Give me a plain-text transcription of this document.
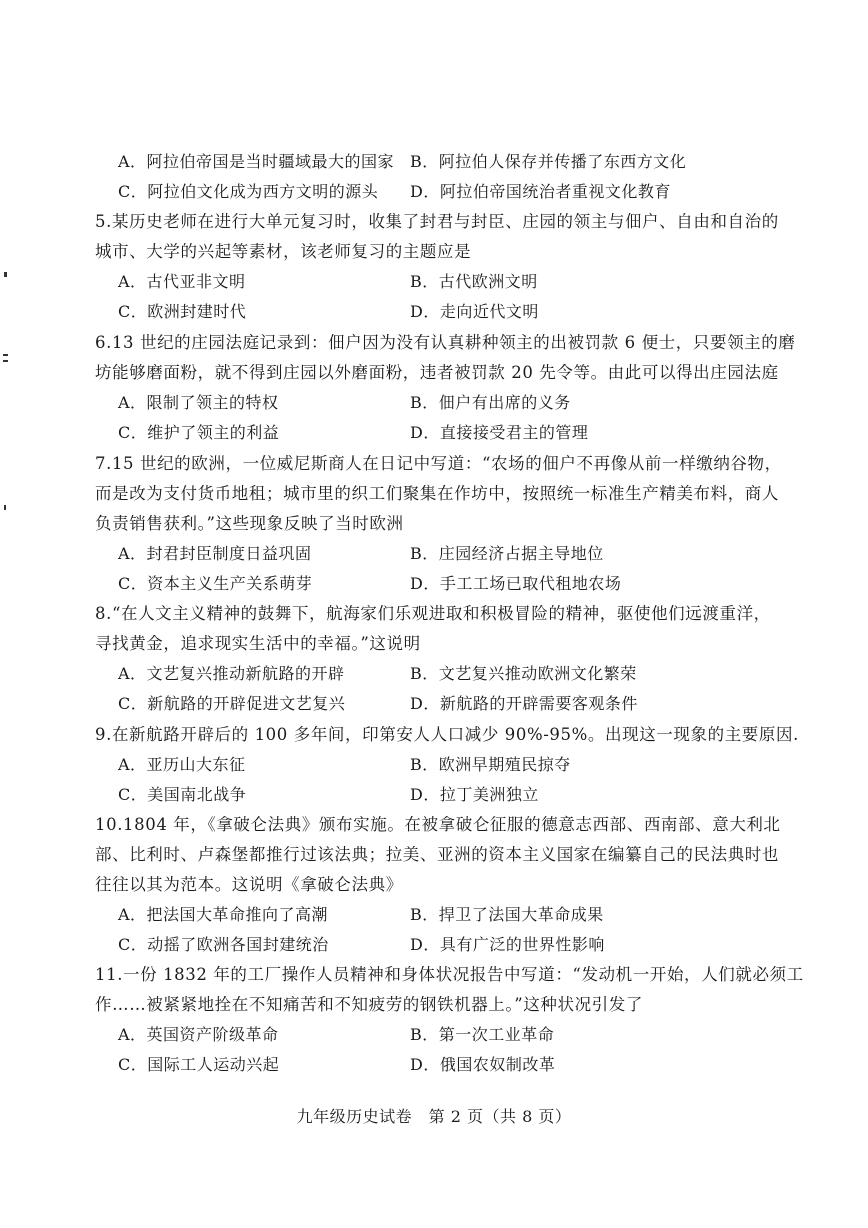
A．阿拉伯帝国是当时疆域最大的国家 B．阿拉伯人保存并传播了东西方文化
C．阿拉伯文化成为西方文明的源头 D．阿拉伯帝国统治者重视文化教育
5.某历史老师在进行大单元复习时，收集了封君与封臣、庄园的领主与佃户、自由和自治的
城市、大学的兴起等素材，该老师复习的主题应是
A．古代亚非文明	B．古代欧洲文明
C．欧洲封建时代	D．走向近代文明
6.13 世纪的庄园法庭记录到：佃户因为没有认真耕种领主的出被罚款 6 便士，只要领主的磨
坊能够磨面粉，就不得到庄园以外磨面粉，违者被罚款 20 先令等。由此可以得出庄园法庭
A．限制了领主的特权	B．佃户有出席的义务
C．维护了领主的利益	D．直接接受君主的管理
7.15 世纪的欧洲，一位威尼斯商人在日记中写道：“农场的佃户不再像从前一样缴纳谷物，
而是改为支付货币地租；城市里的织工们聚集在作坊中，按照统一标准生产精美布料，商人
负责销售获利。”这些现象反映了当时欧洲
A．封君封臣制度日益巩固	B．庄园经济占据主导地位
C．资本主义生产关系萌芽	D．手工工场已取代租地农场
8.“在人文主义精神的鼓舞下，航海家们乐观进取和积极冒险的精神，驱使他们远渡重洋，
寻找黄金，追求现实生活中的幸福。”这说明
A．文艺复兴推动新航路的开辟	B．文艺复兴推动欧洲文化繁荣
C．新航路的开辟促进文艺复兴	D．新航路的开辟需要客观条件
9.在新航路开辟后的 100 多年间，印第安人人口减少 90%-95%。出现这一现象的主要原因.
A．亚历山大东征	B．欧洲早期殖民掠夺
C．美国南北战争	D．拉丁美洲独立
10.1804 年，《拿破仑法典》颁布实施。在被拿破仑征服的德意志西部、西南部、意大利北
部、比利时、卢森堡都推行过该法典；拉美、亚洲的资本主义国家在编纂自己的民法典时也
往往以其为范本。这说明《拿破仑法典》
A．把法国大革命推向了高潮	B．捍卫了法国大革命成果
C．动摇了欧洲各国封建统治	D．具有广泛的世界性影响
11.一份 1832 年的工厂操作人员精神和身体状况报告中写道：“发动机一开始，人们就必须工
作……被紧紧地拴在不知痛苦和不知疲劳的钢铁机器上。”这种状况引发了
A．英国资产阶级革命	B．第一次工业革命
C．国际工人运动兴起	D．俄国农奴制改革
九年级历史试卷　第 2 页（共 8 页）
